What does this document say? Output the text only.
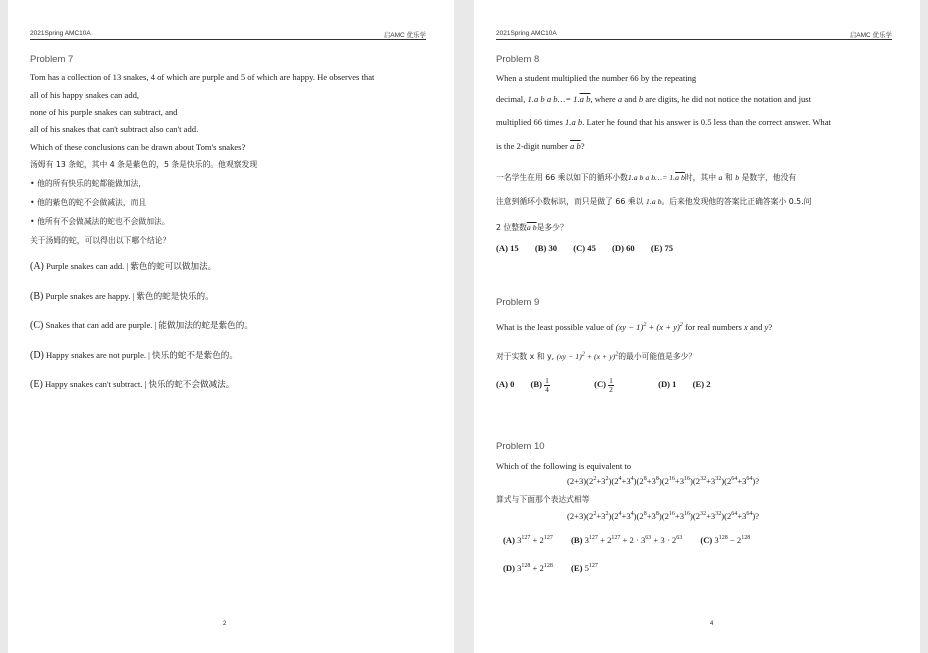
2021Spring AMC10A	启AMC 优乐学
Problem 7
Tom has a collection of 13 snakes, 4 of which are purple and 5 of which are happy. He observes that
all of his happy snakes can add,
none of his purple snakes can subtract, and
all of his snakes that can't subtract also can't add.
Which of these conclusions can be drawn about Tom's snakes?
汤姆有 13 条蛇，其中 4 条是紫色的，5 条是快乐的。他观察发现
• 他的所有快乐的蛇都能做加法，
• 他的紫色的蛇不会做减法，而且
• 他所有不会做减法的蛇也不会做加法。
关于汤姆的蛇，可以得出以下哪个结论？
(A) Purple snakes can add. | 紫色的蛇可以做加法。
(B) Purple snakes are happy. | 紫色的蛇是快乐的。
(C) Snakes that can add are purple. | 能做加法的蛇是紫色的。
(D) Happy snakes are not purple. | 快乐的蛇不是紫色的。
(E) Happy snakes can't subtract. | 快乐的蛇不会做减法。
2
2021Spring AMC10A	启AMC 优乐学
Problem 8
When a student multiplied the number 66 by the repeating
decimal, 1.a b a b…= 1.a b, where a and b are digits, he did not notice the notation and just
multiplied 66 times 1.a b. Later he found that his answer is 0.5 less than the correct answer. What
is the 2-digit number a b?
一名学生在用 66 乘以如下的循环小数1.a b a b…= 1.a b时，其中 a 和 b 是数字，他没有
注意到循环小数标识，而只是做了 66 乘以 1.a b。后来他发现他的答案比正确答案小 0.5.问
2 位整数a b是多少？
(A) 15 (B) 30 (C) 45 (D) 60 (E) 75
Problem 9
What is the least possible value of $(xy - 1)^2 + (x + y)^2$ for real numbers x and y?
对于实数 x 和 y, $(xy - 1)^2 + (x + y)^2$的最小可能值是多少？
(A) 0 $(B) \frac{1}{4}$	$(C) \frac{1}{2}$	(D) 1 (E) 2
Problem 10
Which of the following is equivalent to
$(2+3)(2^2+3^2)(2^4+3^4)(2^8+3^8)(2^{16}+3^{16})(2^{32}+3^{32})(2^{64}+3^{64})$?
算式与下面那个表达式相等
$(2+3)(2^2+3^2)(2^4+3^4)(2^8+3^8)(2^{16}+3^{16})(2^{32}+3^{32})(2^{64}+3^{64})$?
(A) $3^{127} + 2^{127}$ (B) $3^{127} + 2^{127} + 2 \cdot 3^{63} + 3 \cdot 2^{63}$ (C) $3^{128} - 2^{128}$
(D) $3^{128} + 2^{128}$ (E) $5^{127}$
4
